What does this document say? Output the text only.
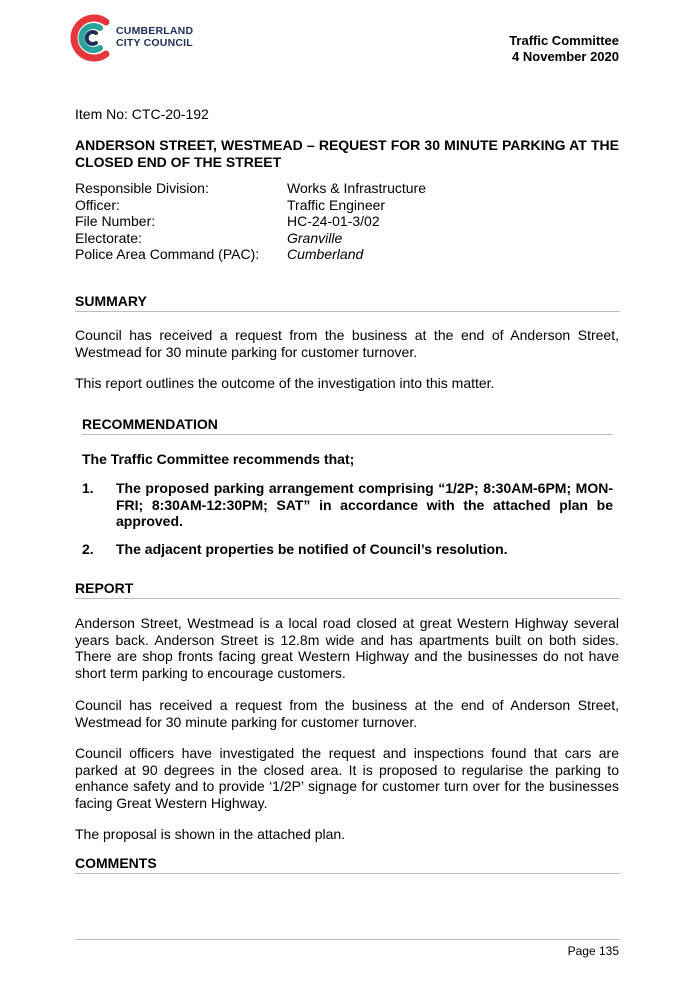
CUMBERLAND
CITY COUNCIL	Traffic Committee
4 November 2020
Item No: CTC-20-192
ANDERSON STREET, WESTMEAD – REQUEST FOR 30 MINUTE PARKING AT THE CLOSED END OF THE STREET
Responsible Division:	Works & Infrastructure
Officer:	Traffic Engineer
File Number:	HC-24-01-3/02
Electorate:	Granville
Police Area Command (PAC):	Cumberland
SUMMARY
Council has received a request from the business at the end of Anderson Street, Westmead for 30 minute parking for customer turnover.
This report outlines the outcome of the investigation into this matter.
RECOMMENDATION
The Traffic Committee recommends that;
1.	The proposed parking arrangement comprising “1/2P; 8:30AM-6PM; MON-FRI; 8:30AM-12:30PM; SAT” in accordance with the attached plan be approved.
2.	The adjacent properties be notified of Council’s resolution.
REPORT
Anderson Street, Westmead is a local road closed at great Western Highway several years back. Anderson Street is 12.8m wide and has apartments built on both sides. There are shop fronts facing great Western Highway and the businesses do not have short term parking to encourage customers.
Council has received a request from the business at the end of Anderson Street, Westmead for 30 minute parking for customer turnover.
Council officers have investigated the request and inspections found that cars are parked at 90 degrees in the closed area. It is proposed to regularise the parking to enhance safety and to provide ‘1/2P’ signage for customer turn over for the businesses facing Great Western Highway.
The proposal is shown in the attached plan.
COMMENTS
Page 135
